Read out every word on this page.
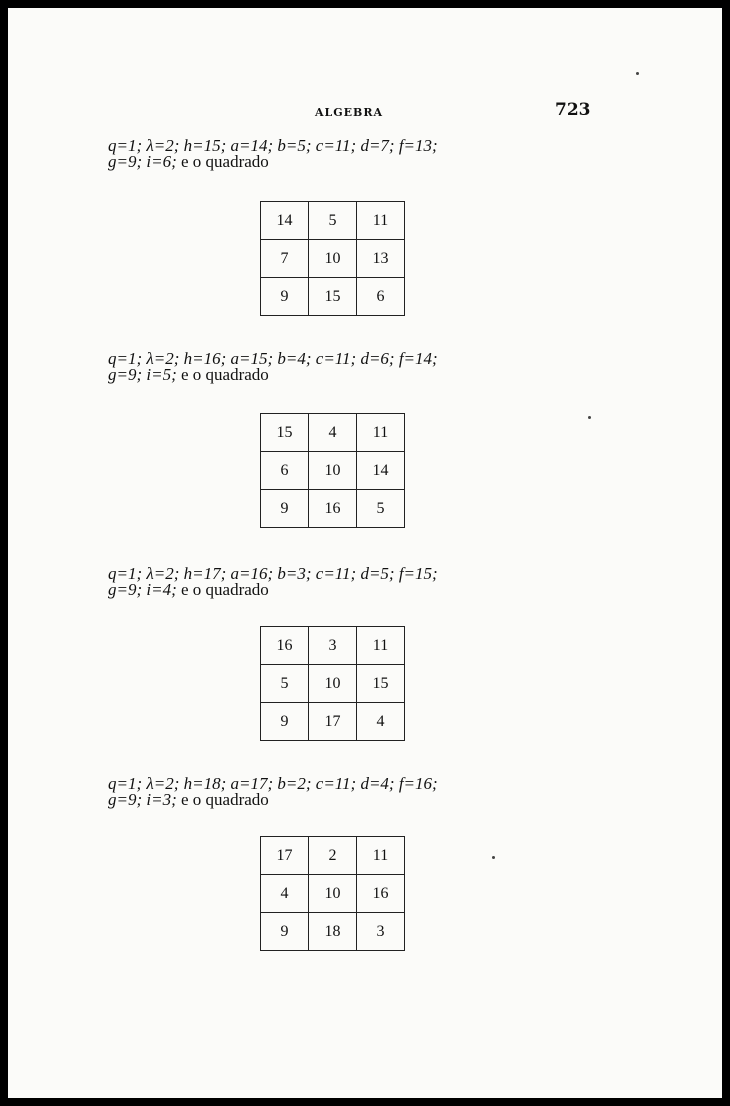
ALGEBRA	723
q=1; λ=2; h=15; a=14; b=5; c=11; d=7; f=13;
g=9; i=6; e o quadrado
14	5	11
7	10	13
9	15	6
q=1; λ=2; h=16; a=15; b=4; c=11; d=6; f=14;
g=9; i=5; e o quadrado
15	4	11
6	10	14
9	16	5
q=1; λ=2; h=17; a=16; b=3; c=11; d=5; f=15;
g=9; i=4; e o quadrado
16	3	11
5	10	15
9	17	4
q=1; λ=2; h=18; a=17; b=2; c=11; d=4; f=16;
g=9; i=3; e o quadrado
17	2	11
4	10	16
9	18	3
